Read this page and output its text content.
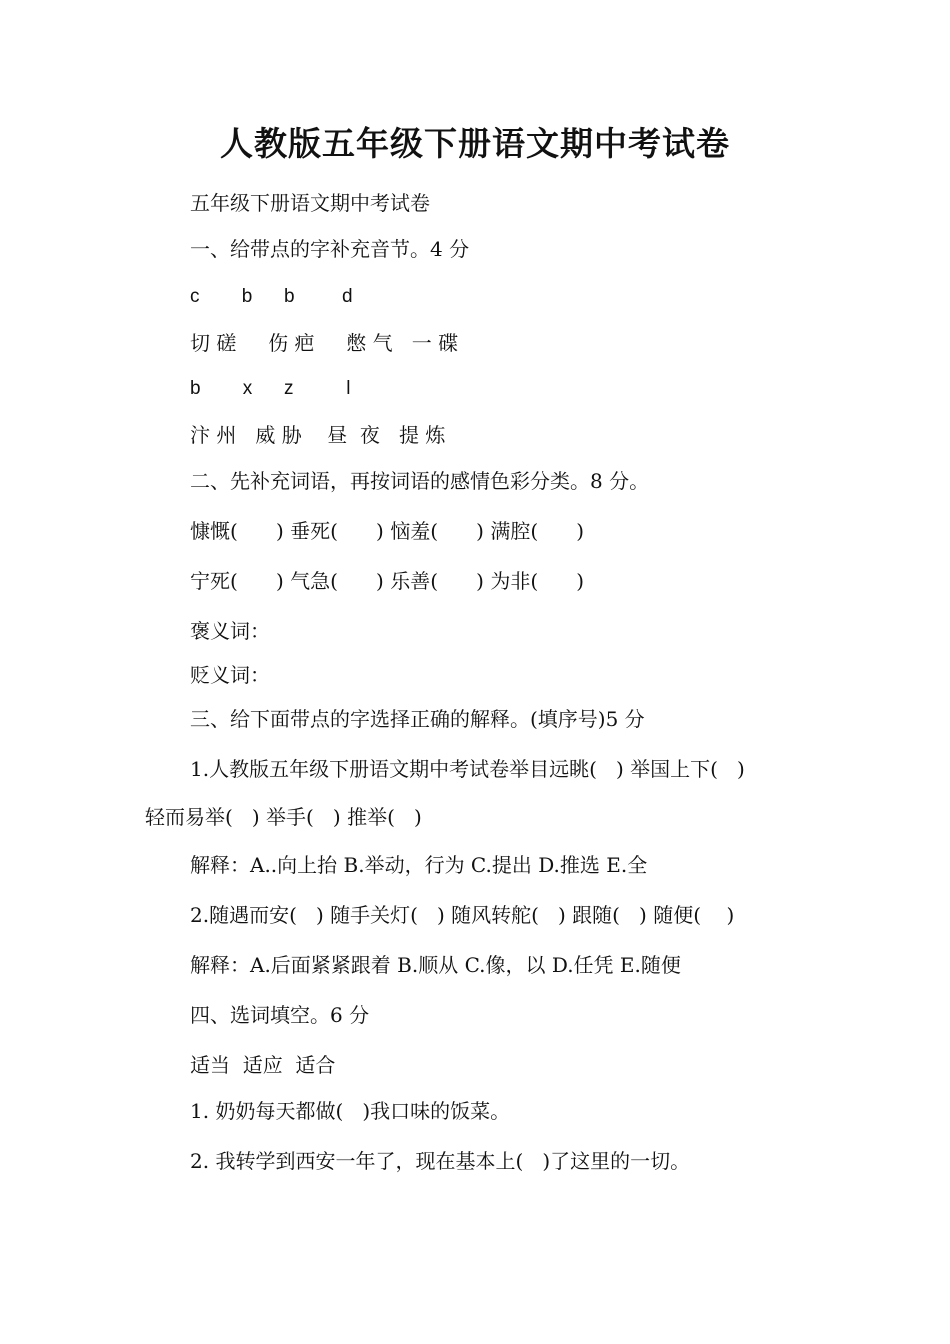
人教版五年级下册语文期中考试卷
五年级下册语文期中考试卷
一、给带点的字补充音节。4 分
c        b      b         d
切 磋     伤 疤     憋 气   一 碟
b        x      z          l
汴 州   威 胁    昼  夜   提 炼
二、先补充词语，再按词语的感情色彩分类。8 分。
慷慨(      ) 垂死(      ) 恼羞(      ) 满腔(      )
宁死(      ) 气急(      ) 乐善(      ) 为非(      )
褒义词：
贬义词：
三、给下面带点的字选择正确的解释。(填序号)5 分
1.人教版五年级下册语文期中考试卷举目远眺(   ) 举国上下(   )
轻而易举(   ) 举手(   ) 推举(   )
解释：A..向上抬 B.举动，行为 C.提出 D.推选 E.全
2.随遇而安(   ) 随手关灯(   ) 随风转舵(   ) 跟随(   ) 随便(    )
解释：A.后面紧紧跟着 B.顺从 C.像，以 D.任凭 E.随便
四、选词填空。6 分
适当  适应  适合
1. 奶奶每天都做(   )我口味的饭菜。
2. 我转学到西安一年了，现在基本上(   )了这里的一切。
